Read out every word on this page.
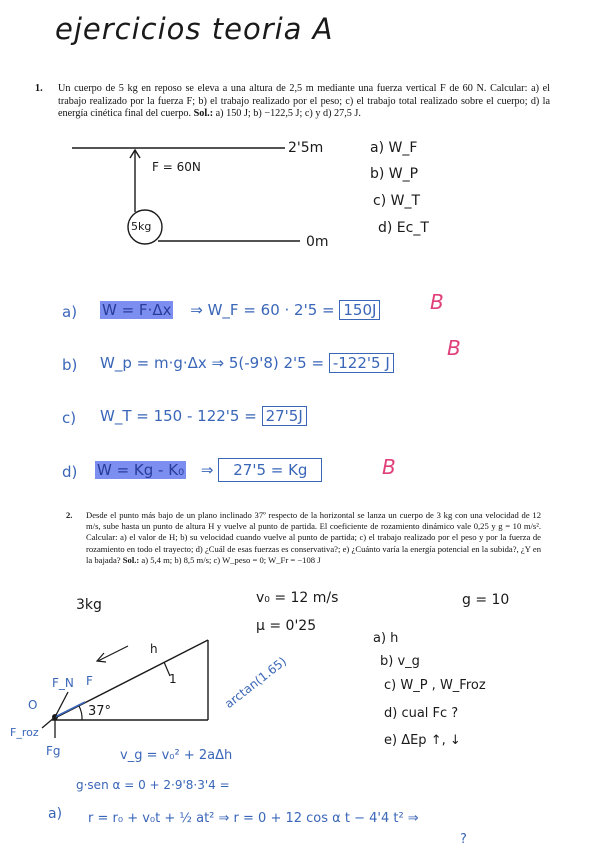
ejercicios teoria A
1. Un cuerpo de 5 kg en reposo se eleva a una altura de 2,5 m mediante una fuerza vertical F de 60 N. Calcular: a) el trabajo realizado por la fuerza F; b) el trabajo realizado por el peso; c) el trabajo total realizado sobre el cuerpo; d) la energía cinética final del cuerpo. Sol.: a) 150 J; b) −122,5 J; c) y d) 27,5 J.
2'5m
F = 60N
5kg
0m
a) W_F
b) W_P
c) W_T
d) Ec_T
a) W = F·Δx ⇒ W_F = 60 · 2'5 = 150J	B
b) W_p = m·g·Δx ⇒ 5(-9'8) 2'5 = -122'5 J
B
c) W_T = 150 - 122'5 = 27'5J
d) W = Kg - K₀ ⇒ 27'5 = Kg	B
2. Desde el punto más bajo de un plano inclinado 37º respecto de la horizontal se lanza un cuerpo de 3 kg con una velocidad de 12 m/s, sube hasta un punto de altura H y vuelve al punto de partida. El coeficiente de rozamiento dinámico vale 0,25 y g = 10 m/s². Calcular: a) el valor de H; b) su velocidad cuando vuelve al punto de partida; c) el trabajo realizado por el peso y por la fuerza de rozamiento en todo el trayecto; d) ¿Cuál de esas fuerzas es conservativa?; e) ¿Cuánto varía la energía potencial en la subida?, ¿Y en la bajada? Sol.: a) 5,4 m; b) 8,5 m/s; c) W_peso = 0; W_Fr = −108 J
3kg	v₀ = 12 m/s
μ = 0'25
g = 10
a) h
b) v_g
c) W_P , W_Froz
d) cual Fc ?
e) ΔEp ↑, ↓
O
F_N F
h
1
37°
F_roz
Fg
arctan(1.65)
v_g = v₀² + 2aΔh
g·sen α = 0 + 2·9'8·3'4 =
a) r = r₀ + v₀t + ½ at² ⇒ r = 0 + 12 cos α t − 4'4 t² ⇒
?
